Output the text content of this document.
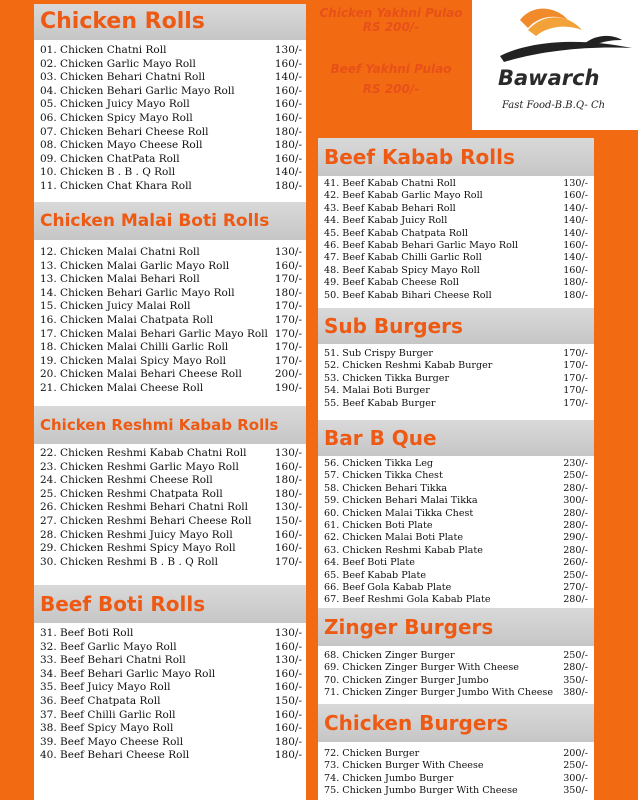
Chicken Rolls
01. Chicken Chatni Roll	130/-

02. Chicken Garlic Mayo Roll	160/-

03. Chicken Behari Chatni Roll	140/-

04. Chicken Behari Garlic Mayo Roll	160/-

05. Chicken Juicy Mayo Roll	160/-

06. Chicken Spicy Mayo Roll	160/-

07. Chicken Behari Cheese Roll	180/-

08. Chicken Mayo Cheese Roll	180/-

09. Chicken ChatPata Roll	160/-

10. Chicken B . B . Q Roll	140/-

11. Chicken Chat Khara Roll	180/-

Chicken Malai Boti Rolls
12. Chicken Malai Chatni Roll	130/-

13. Chicken Malai Garlic Mayo Roll	160/-

13. Chicken Malai Behari Roll	170/-

14. Chicken Behari Garlic Mayo Roll	180/-

15. Chicken Juicy Malai Roll	170/-

16. Chicken Malai Chatpata Roll	170/-

17. Chicken Malai Behari Garlic Mayo Roll 170/-

18. Chicken Malai Chilli Garlic Roll	170/-

19. Chicken Malai Spicy Mayo Roll	170/-

20. Chicken Malai Behari Cheese Roll	200/-

21. Chicken Malai Cheese Roll	190/-

Chicken Reshmi Kabab Rolls
22. Chicken Reshmi Kabab Chatni Roll	130/-

23. Chicken Reshmi Garlic Mayo Roll	160/-

24. Chicken Reshmi Cheese Roll	180/-

25. Chicken Reshmi Chatpata Roll	180/-

26. Chicken Reshmi Behari Chatni Roll	130/-

27. Chicken Reshmi Behari Cheese Roll 150/-

28. Chicken Reshmi Juicy Mayo Roll	160/-

29. Chicken Reshmi Spicy Mayo Roll	160/-

30. Chicken Reshmi B . B . Q Roll	170/-

Beef Boti Rolls
31. Beef Boti Roll	130/-

32. Beef Garlic Mayo Roll	160/-

33. Beef Behari Chatni Roll	130/-

34. Beef Behari Garlic Mayo Roll	160/-

35. Beef Juicy Mayo Roll	160/-

36. Beef Chatpata Roll	150/-

37. Beef Chilli Garlic Roll	160/-

38. Beef Spicy Mayo Roll	160/-

39. Beef Mayo Cheese Roll	180/-

40. Beef Behari Cheese Roll	180/-

Chicken Yakhni Pulao
RS 200/-
Beef Yakhni Pulao
RS 200/-	Bawarch
Fast Food-B.B.Q- Ch
Beef Kabab Rolls
41. Beef Kabab Chatni Roll	130/-

42. Beef Kabab Garlic Mayo Roll	160/-

43. Beef Kabab Behari Roll	140/-

44. Beef Kabab Juicy Roll	140/-

45. Beef Kabab Chatpata Roll	140/-

46. Beef Kabab Behari Garlic Mayo Roll	160/-

47. Beef Kabab Chilli Garlic Roll	140/-

48. Beef Kabab Spicy Mayo Roll	160/-

49. Beef Kabab Cheese Roll	180/-

50. Beef Kabab Bihari Cheese Roll	180/-

Sub Burgers
51. Sub Crispy Burger	170/-

52. Chicken Reshmi Kabab Burger	170/-

53. Chicken Tikka Burger	170/-

54. Malai Boti Burger	170/-

55. Beef Kabab Burger	170/-

Bar B Que
56. Chicken Tikka Leg	230/-

57. Chicken Tikka Chest	250/-

58. Chicken Behari Tikka	280/-

59. Chicken Behari Malai Tikka	300/-

60. Chicken Malai Tikka Chest	280/-

61. Chicken Boti Plate	280/-

62. Chicken Malai Boti Plate	290/-

63. Chicken Reshmi Kabab Plate	280/-

64. Beef Boti Plate	260/-

65. Beef Kabab Plate	250/-

66. Beef Gola Kabab Plate	270/-

67. Beef Reshmi Gola Kabab Plate	280/-

Zinger Burgers
68. Chicken Zinger Burger	250/-

69. Chicken Zinger Burger With Cheese	280/-

70. Chicken Zinger Burger Jumbo	350/-

71. Chicken Zinger Burger Jumbo With Cheese 380/-

Chicken Burgers
72. Chicken Burger	200/-

73. Chicken Burger With Cheese	250/-

74. Chicken Jumbo Burger	300/-

75. Chicken Jumbo Burger With Cheese	350/-
